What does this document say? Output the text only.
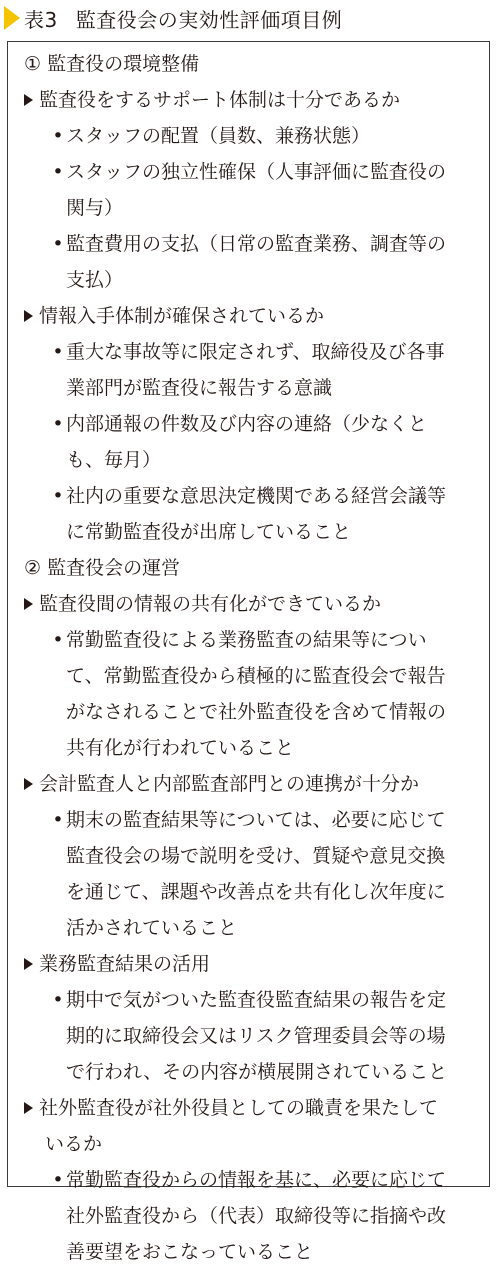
表3 監査役会の実効性評価項目例
① 監査役の環境整備
監査役をするサポート体制は十分であるか
• スタッフの配置（員数、兼務状態）
• スタッフの独立性確保（人事評価に監査役の
関与）
• 監査費用の支払（日常の監査業務、調査等の
支払）
情報入手体制が確保されているか
• 重大な事故等に限定されず、取締役及び各事
業部門が監査役に報告する意識
• 内部通報の件数及び内容の連絡（少なくと
も、毎月）
• 社内の重要な意思決定機関である経営会議等
に常勤監査役が出席していること
② 監査役会の運営
監査役間の情報の共有化ができているか
• 常勤監査役による業務監査の結果等につい
て、常勤監査役から積極的に監査役会で報告
がなされることで社外監査役を含めて情報の
共有化が行われていること
会計監査人と内部監査部門との連携が十分か
• 期末の監査結果等については、必要に応じて
監査役会の場で説明を受け、質疑や意見交換
を通じて、課題や改善点を共有化し次年度に
活かされていること
業務監査結果の活用
• 期中で気がついた監査役監査結果の報告を定
期的に取締役会又はリスク管理委員会等の場
で行われ、その内容が横展開されていること
社外監査役が社外役員としての職責を果たして
いるか
• 常勤監査役からの情報を基に、必要に応じて
社外監査役から（代表）取締役等に指摘や改
善要望をおこなっていること
